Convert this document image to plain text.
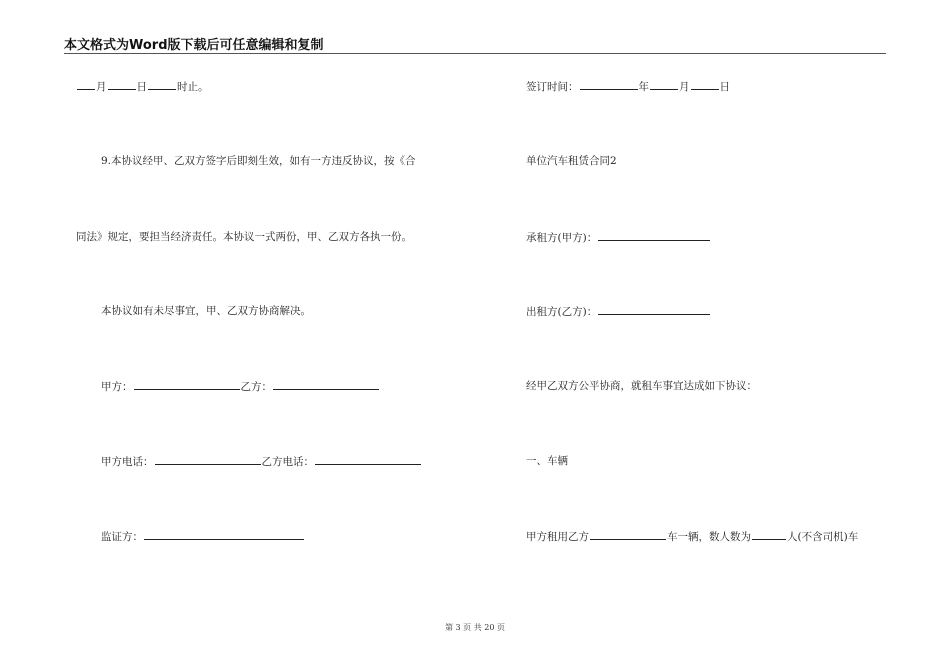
本文格式为Word版下载后可任意编辑和复制
月	日	时止。
9.本协议经甲、乙双方签字后即刻生效，如有一方违反协议，按《合
同法》规定，要担当经济责任。本协议一式两份，甲、乙双方各执一份。
本协议如有未尽事宜，甲、乙双方协商解决。
甲方：	乙方：
甲方电话：	乙方电话：
监证方：
签订时间：	年	月	日
单位汽车租赁合同2
承租方(甲方)：
出租方(乙方)：
经甲乙双方公平协商，就租车事宜达成如下协议：
一、车辆
甲方租用乙方	车一辆，数人数为	人(不含司机)车
第 3 页 共 20 页
